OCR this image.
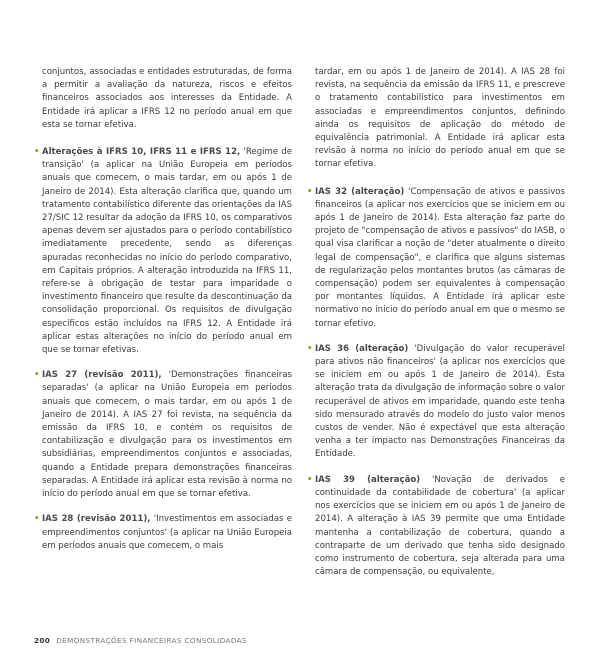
conjuntos, associadas e entidades estruturadas, de forma a permitir a avaliação da natureza, riscos e efeitos financeiros associados aos interesses da Entidade. A Entidade irá aplicar a IFRS 12 no período anual em que esta se tornar efetiva.

• Alterações à IFRS 10, IFRS 11 e IFRS 12, 'Regime de transição' (a aplicar na União Europeia em períodos anuais que comecem, o mais tardar, em ou após 1 de Janeiro de 2014). Esta alteração clarifica que, quando um tratamento contabilístico diferente das orientações da IAS 27/SIC 12 resultar da adoção da IFRS 10, os comparativos apenas devem ser ajustados para o período contabilístico imediatamente precedente, sendo as diferenças apuradas reconhecidas no início do período comparativo, em Capitais próprios. A alteração introduzida na IFRS 11, refere-se à obrigação de testar para imparidade o investimento financeiro que resulte da descontinuação da consolidação proporcional. Os requisitos de divulgação específicos estão incluídos na IFRS 12. A Entidade irá aplicar estas alterações no início do período anual em que se tornar efetivas.
• IAS 27 (revisão 2011), 'Demonstrações financeiras separadas' (a aplicar na União Europeia em períodos anuais que comecem, o mais tardar, em ou após 1 de Janeiro de 2014). A IAS 27 foi revista, na sequência da emissão da IFRS 10, e contém os requisitos de contabilização e divulgação para os investimentos em subsidiárias, empreendimentos conjuntos e associadas, quando a Entidade prepara demonstrações financeiras separadas. A Entidade irá aplicar esta revisão à norma no início do período anual em que se tornar efetiva.
• IAS 28 (revisão 2011), 'Investimentos em associadas e empreendimentos conjuntos' (a aplicar na União Europeia em períodos anuais que comecem, o mais

tardar, em ou após 1 de Janeiro de 2014). A IAS 28 foi revista, na sequência da emissão da IFRS 11, e prescreve o tratamento contabilístico para investimentos em associadas e empreendimentos conjuntos, definindo ainda os requisitos de aplicação do método de equivalência patrimonial. A Entidade irá aplicar esta revisão à norma no início do período anual em que se tornar efetiva.

• IAS 32 (alteração) 'Compensação de ativos e passivos financeiros (a aplicar nos exercícios que se iniciem em ou após 1 de Janeiro de 2014). Esta alteração faz parte do projeto de "compensação de ativos e passivos" do IASB, o qual visa clarificar a noção de "deter atualmente o direito legal de compensação", e clarifica que alguns sistemas de regularização pelos montantes brutos (as câmaras de compensação) podem ser equivalentes à compensação por montantes líquidos. A Entidade irá aplicar este normativo no início do período anual em que o mesmo se tornar efetivo.
• IAS 36 (alteração) 'Divulgação do valor recuperável para ativos não financeiros' (a aplicar nos exercícios que se iniciem em ou após 1 de Janeiro de 2014). Esta alteração trata da divulgação de informação sobre o valor recuperável de ativos em imparidade, quando este tenha sido mensurado através do modelo do justo valor menos custos de vender. Não é expectável que esta alteração venha a ter impacto nas Demonstrações Financeiras da Entidade.
• IAS 39 (alteração) 'Novação de derivados e continuidade da contabilidade de cobertura' (a aplicar nos exercícios que se iniciem em ou após 1 de Janeiro de 2014). A alteração à IAS 39 permite que uma Entidade mantenha a contabilização de cobertura, quando a contraparte de um derivado que tenha sido designado como instrumento de cobertura, seja alterada para uma câmara de compensação, ou equivalente,
200 DEMONSTRAÇÕES FINANCEIRAS CONSOLIDADAS
